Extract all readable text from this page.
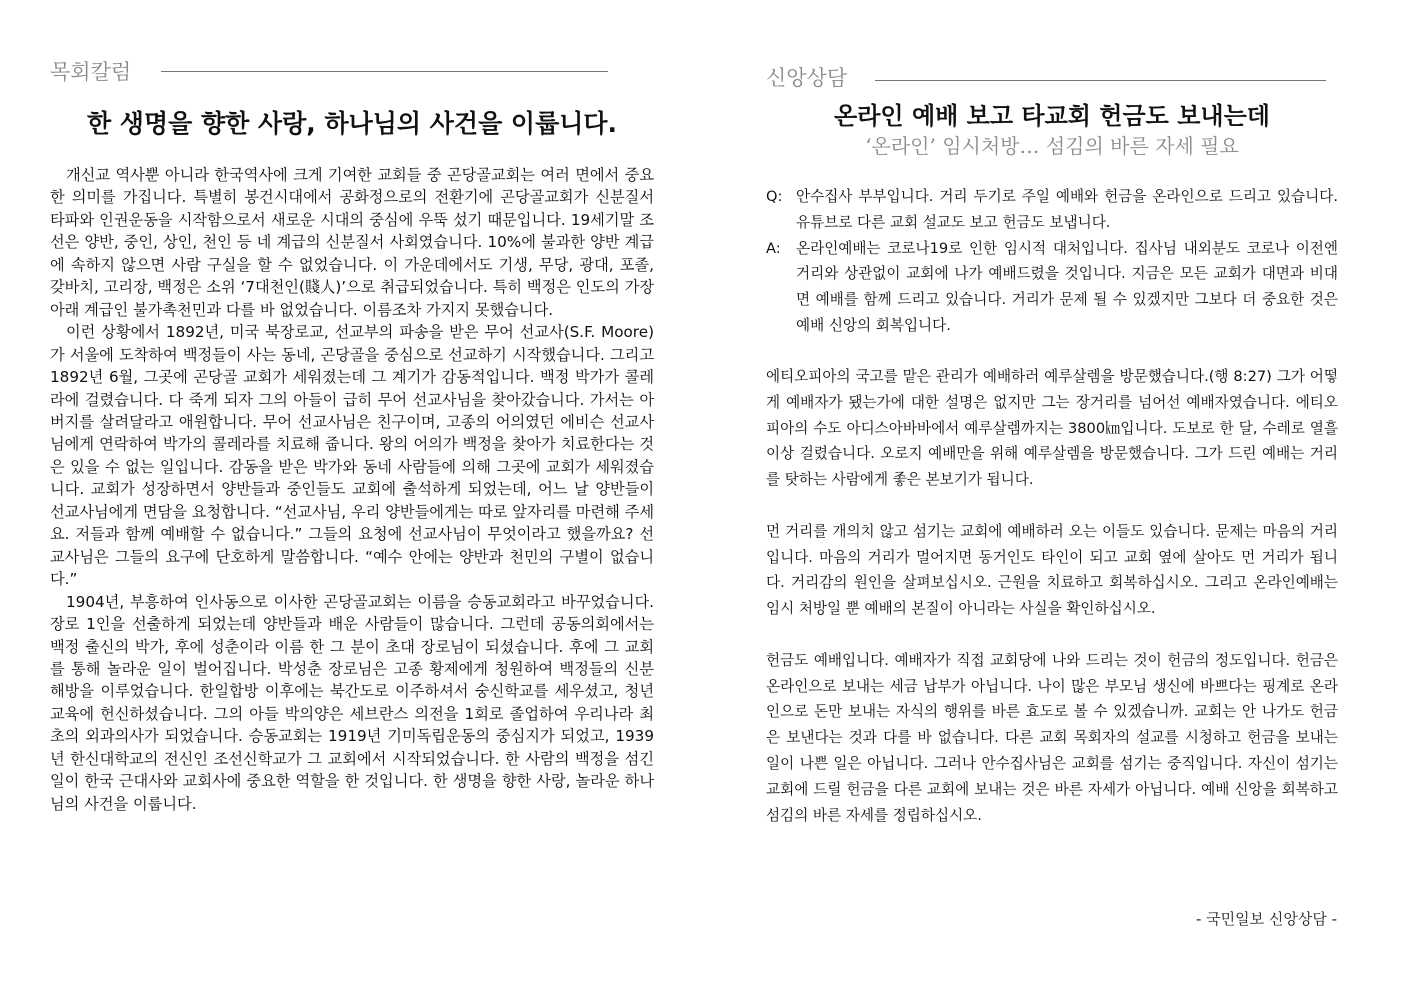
목회칼럼
한 생명을 향한 사랑, 하나님의 사건을 이룹니다.

개신교 역사뿐 아니라 한국역사에 크게 기여한 교회들 중 곤당골교회는 여러 면에서 중요한 의미를 가집니다. 특별히 봉건시대에서 공화정으로의 전환기에 곤당골교회가 신분질서 타파와 인권운동을 시작함으로서 새로운 시대의 중심에 우뚝 섰기 때문입니다. 19세기말 조선은 양반, 중인, 상인, 천인 등 네 계급의 신분질서 사회였습니다. 10%에 불과한 양반 계급에 속하지 않으면 사람 구실을 할 수 없었습니다. 이 가운데에서도 기생, 무당, 광대, 포졸, 갖바치, 고리장, 백정은 소위 ‘7대천인(賤人)’으로 취급되었습니다. 특히 백정은 인도의 가장 아래 계급인 불가촉천민과 다를 바 없었습니다. 이름조차 가지지 못했습니다.

이런 상황에서 1892년, 미국 북장로교, 선교부의 파송을 받은 무어 선교사(S.F. Moore)가 서울에 도착하여 백정들이 사는 동네, 곤당골을 중심으로 선교하기 시작했습니다. 그리고 1892년 6월, 그곳에 곤당골 교회가 세워졌는데 그 계기가 감동적입니다. 백정 박가가 콜레라에 걸렸습니다. 다 죽게 되자 그의 아들이 급히 무어 선교사님을 찾아갔습니다. 가서는 아버지를 살려달라고 애원합니다. 무어 선교사님은 친구이며, 고종의 어의였던 에비슨 선교사님에게 연락하여 박가의 콜레라를 치료해 줍니다. 왕의 어의가 백정을 찾아가 치료한다는 것은 있을 수 없는 일입니다. 감동을 받은 박가와 동네 사람들에 의해 그곳에 교회가 세워졌습니다. 교회가 성장하면서 양반들과 중인들도 교회에 출석하게 되었는데, 어느 날 양반들이 선교사님에게 면담을 요청합니다. “선교사님, 우리 양반들에게는 따로 앞자리를 마련해 주세요. 저들과 함께 예배할 수 없습니다.” 그들의 요청에 선교사님이 무엇이라고 했을까요? 선교사님은 그들의 요구에 단호하게 말씀합니다. “예수 안에는 양반과 천민의 구별이 없습니다.”

1904년, 부흥하여 인사동으로 이사한 곤당골교회는 이름을 승동교회라고 바꾸었습니다. 장로 1인을 선출하게 되었는데 양반들과 배운 사람들이 많습니다. 그런데 공동의회에서는 백정 출신의 박가, 후에 성춘이라 이름 한 그 분이 초대 장로님이 되셨습니다. 후에 그 교회를 통해 놀라운 일이 벌어집니다. 박성춘 장로님은 고종 황제에게 청원하여 백정들의 신분 해방을 이루었습니다. 한일합방 이후에는 북간도로 이주하셔서 숭신학교를 세우셨고, 청년교육에 헌신하셨습니다. 그의 아들 박의양은 세브란스 의전을 1회로 졸업하여 우리나라 최초의 외과의사가 되었습니다. 승동교회는 1919년 기미독립운동의 중심지가 되었고, 1939년 한신대학교의 전신인 조선신학교가 그 교회에서 시작되었습니다. 한 사람의 백정을 섬긴 일이 한국 근대사와 교회사에 중요한 역할을 한 것입니다. 한 생명을 향한 사랑, 놀라운 하나님의 사건을 이룹니다.

신앙상담
온라인 예배 보고 타교회 헌금도 보내는데
‘온라인’ 임시처방… 섬김의 바른 자세 필요
Q: 안수집사 부부입니다. 거리 두기로 주일 예배와 헌금을 온라인으로 드리고 있습니다. 유튜브로 다른 교회 설교도 보고 헌금도 보냅니다.
A:	온라인예배는 코로나19로 인한 임시적 대처입니다. 집사님 내외분도 코로나 이전엔 거리와 상관없이 교회에 나가 예배드렸을 것입니다. 지금은 모든 교회가 대면과 비대면 예배를 함께 드리고 있습니다. 거리가 문제 될 수 있겠지만 그보다 더 중요한 것은 예배 신앙의 회복입니다.

에티오피아의 국고를 맡은 관리가 예배하러 예루살렘을 방문했습니다.(행 8:27) 그가 어떻게 예배자가 됐는가에 대한 설명은 없지만 그는 장거리를 넘어선 예배자였습니다. 에티오피아의 수도 아디스아바바에서 예루살렘까지는 3800㎞입니다. 도보로 한 달, 수레로 열흘 이상 걸렸습니다. 오로지 예배만을 위해 예루살렘을 방문했습니다. 그가 드린 예배는 거리를 탓하는 사람에게 좋은 본보기가 됩니다.

먼 거리를 개의치 않고 섬기는 교회에 예배하러 오는 이들도 있습니다. 문제는 마음의 거리입니다. 마음의 거리가 멀어지면 동거인도 타인이 되고 교회 옆에 살아도 먼 거리가 됩니다. 거리감의 원인을 살펴보십시오. 근원을 치료하고 회복하십시오. 그리고 온라인예배는 임시 처방일 뿐 예배의 본질이 아니라는 사실을 확인하십시오.

헌금도 예배입니다. 예배자가 직접 교회당에 나와 드리는 것이 헌금의 정도입니다. 헌금은 온라인으로 보내는 세금 납부가 아닙니다. 나이 많은 부모님 생신에 바쁘다는 핑계로 온라인으로 돈만 보내는 자식의 행위를 바른 효도로 볼 수 있겠습니까. 교회는 안 나가도 헌금은 보낸다는 것과 다를 바 없습니다. 다른 교회 목회자의 설교를 시청하고 헌금을 보내는 일이 나쁜 일은 아닙니다. 그러나 안수집사님은 교회를 섬기는 중직입니다. 자신이 섬기는 교회에 드릴 헌금을 다른 교회에 보내는 것은 바른 자세가 아닙니다. 예배 신앙을 회복하고 섬김의 바른 자세를 정립하십시오.

- 국민일보 신앙상담 -
